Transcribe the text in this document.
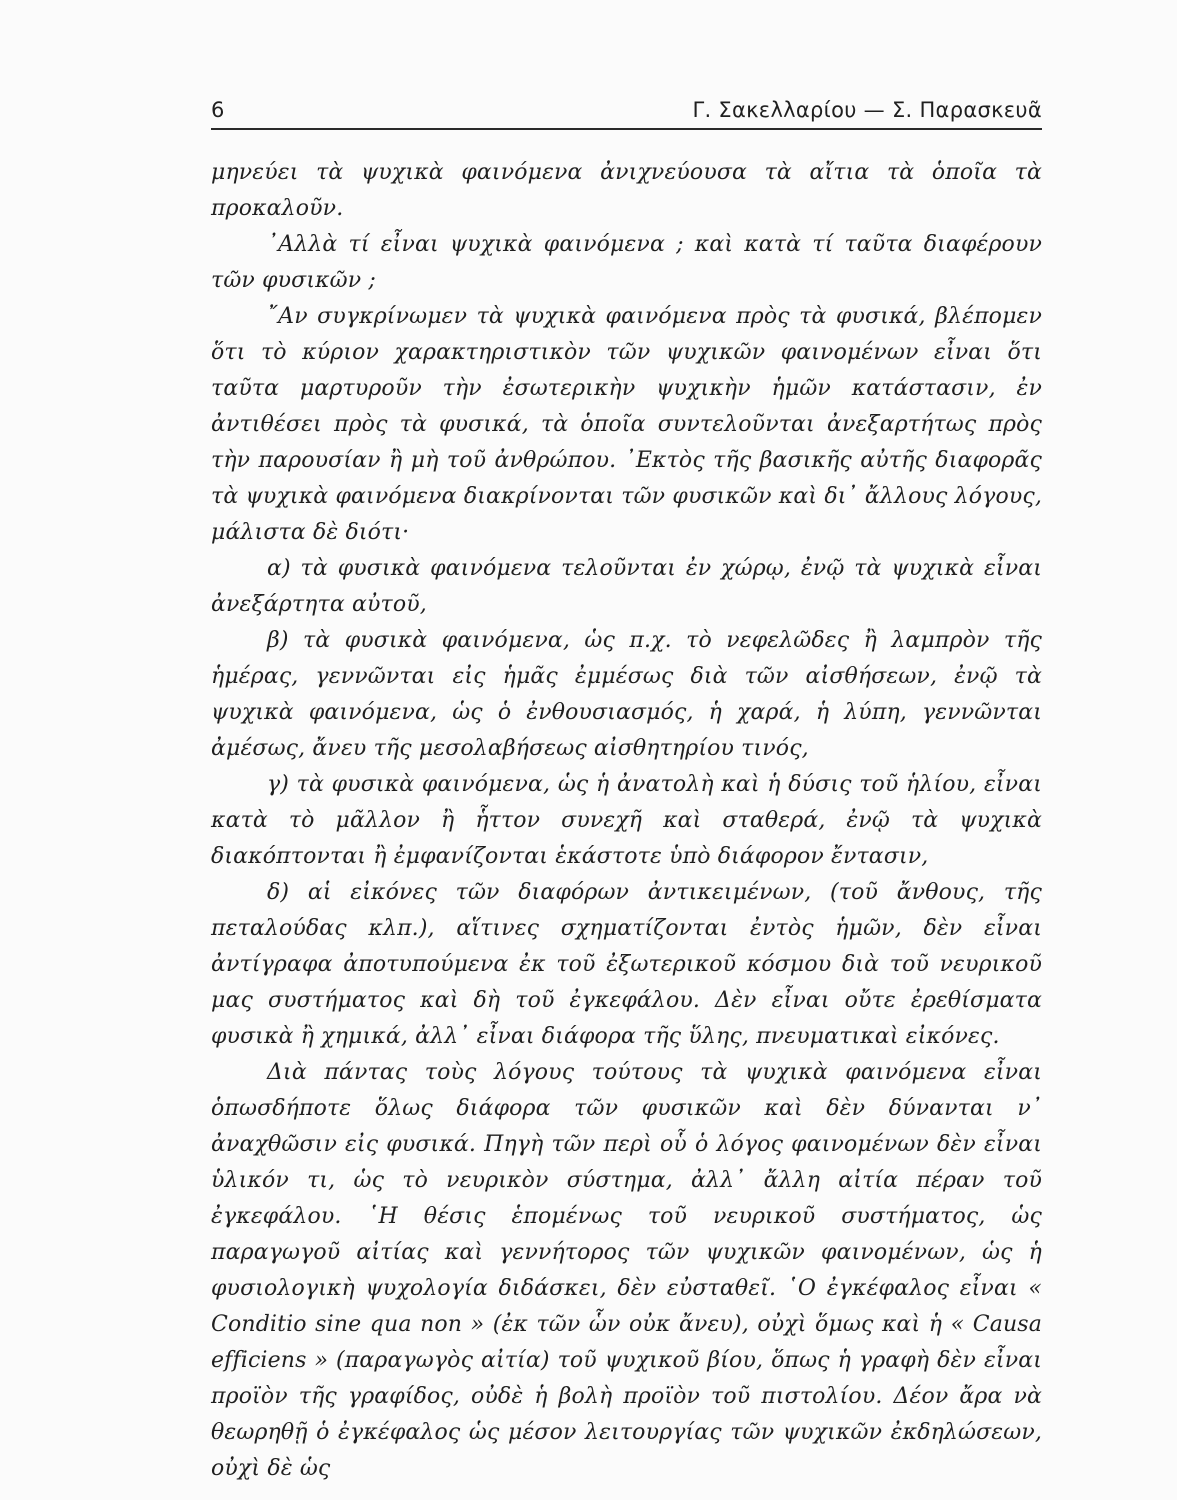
6	Γ. Σακελλαρίου — Σ. Παρασκευᾶ

μηνεύει τὰ ψυχικὰ φαινόμενα ἀνιχνεύουσα τὰ αἴτια τὰ ὁποῖα τὰ προκαλοῦν.

᾿Αλλὰ τί εἶναι ψυχικὰ φαινόμενα ; καὶ κατὰ τί ταῦτα διαφέρουν τῶν φυσικῶν ;

῎Αν συγκρίνωμεν τὰ ψυχικὰ φαινόμενα πρὸς τὰ φυσικά, βλέπομεν ὅτι τὸ κύριον χαρακτηριστικὸν τῶν ψυχικῶν φαινομένων εἶναι ὅτι ταῦτα μαρτυροῦν τὴν ἐσωτερικὴν ψυχικὴν ἡμῶν κατάστασιν, ἐν ἀντιθέσει πρὸς τὰ φυσικά, τὰ ὁποῖα συντελοῦνται ἀνεξαρτήτως πρὸς τὴν παρουσίαν ἢ μὴ τοῦ ἀνθρώπου. ᾿Εκτὸς τῆς βασικῆς αὐτῆς διαφορᾶς τὰ ψυχικὰ φαινόμενα διακρίνονται τῶν φυσικῶν καὶ δι᾿ ἄλλους λόγους, μάλιστα δὲ διότι·

α) τὰ φυσικὰ φαινόμενα τελοῦνται ἐν χώρῳ, ἐνῷ τὰ ψυχικὰ εἶναι ἀνεξάρτητα αὐτοῦ,

β) τὰ φυσικὰ φαινόμενα, ὡς π.χ. τὸ νεφελῶδες ἢ λαμπρὸν τῆς ἡμέρας, γεννῶνται εἰς ἡμᾶς ἐμμέσως διὰ τῶν αἰσθήσεων, ἐνῷ τὰ ψυχικὰ φαινόμενα, ὡς ὁ ἐνθουσιασμός, ἡ χαρά, ἡ λύπη, γεννῶνται ἀμέσως, ἄνευ τῆς μεσολαβήσεως αἰσθητηρίου τινός,

γ) τὰ φυσικὰ φαινόμενα, ὡς ἡ ἀνατολὴ καὶ ἡ δύσις τοῦ ἡλίου, εἶναι κατὰ τὸ μᾶλλον ἢ ἧττον συνεχῆ καὶ σταθερά, ἐνῷ τὰ ψυχικὰ διακόπτονται ἢ ἐμφανίζονται ἑκάστοτε ὑπὸ διάφορον ἔντασιν,

δ) αἱ εἰκόνες τῶν διαφόρων ἀντικειμένων, (τοῦ ἄνθους, τῆς πεταλούδας κλπ.), αἵτινες σχηματίζονται ἐντὸς ἡμῶν, δὲν εἶναι ἀντίγραφα ἀποτυπούμενα ἐκ τοῦ ἐξωτερικοῦ κόσμου διὰ τοῦ νευρικοῦ μας συστήματος καὶ δὴ τοῦ ἐγκεφάλου. Δὲν εἶναι οὔτε ἐρεθίσματα φυσικὰ ἢ χημικά, ἀλλ᾿ εἶναι διάφορα τῆς ὕλης, πνευματικαὶ εἰκόνες.

Διὰ πάντας τοὺς λόγους τούτους τὰ ψυχικὰ φαινόμενα εἶναι ὁπωσδήποτε ὅλως διάφορα τῶν φυσικῶν καὶ δὲν δύνανται ν᾿ ἀναχθῶσιν εἰς φυσικά. Πηγὴ τῶν περὶ οὗ ὁ λόγος φαινομένων δὲν εἶναι ὑλικόν τι, ὡς τὸ νευρικὸν σύστημα, ἀλλ᾿ ἄλλη αἰτία πέραν τοῦ ἐγκεφάλου. ῾Η θέσις ἑπομένως τοῦ νευρικοῦ συστήματος, ὡς παραγωγοῦ αἰτίας καὶ γεννήτορος τῶν ψυχικῶν φαινομένων, ὡς ἡ φυσιολογικὴ ψυχολογία διδάσκει, δὲν εὐσταθεῖ. ῾Ο ἐγκέφαλος εἶναι « Conditio sine qua non » (ἐκ τῶν ὧν οὐκ ἄνευ), οὐχὶ ὅμως καὶ ἡ « Causa efficiens » (παραγωγὸς αἰτία) τοῦ ψυχικοῦ βίου, ὅπως ἡ γραφὴ δὲν εἶναι προϊὸν τῆς γραφίδος, οὐδὲ ἡ βολὴ προϊὸν τοῦ πιστολίου. Δέον ἄρα νὰ θεωρηθῇ ὁ ἐγκέφαλος ὡς μέσον λειτουργίας τῶν ψυχικῶν ἐκδηλώσεων, οὐχὶ δὲ ὡς
